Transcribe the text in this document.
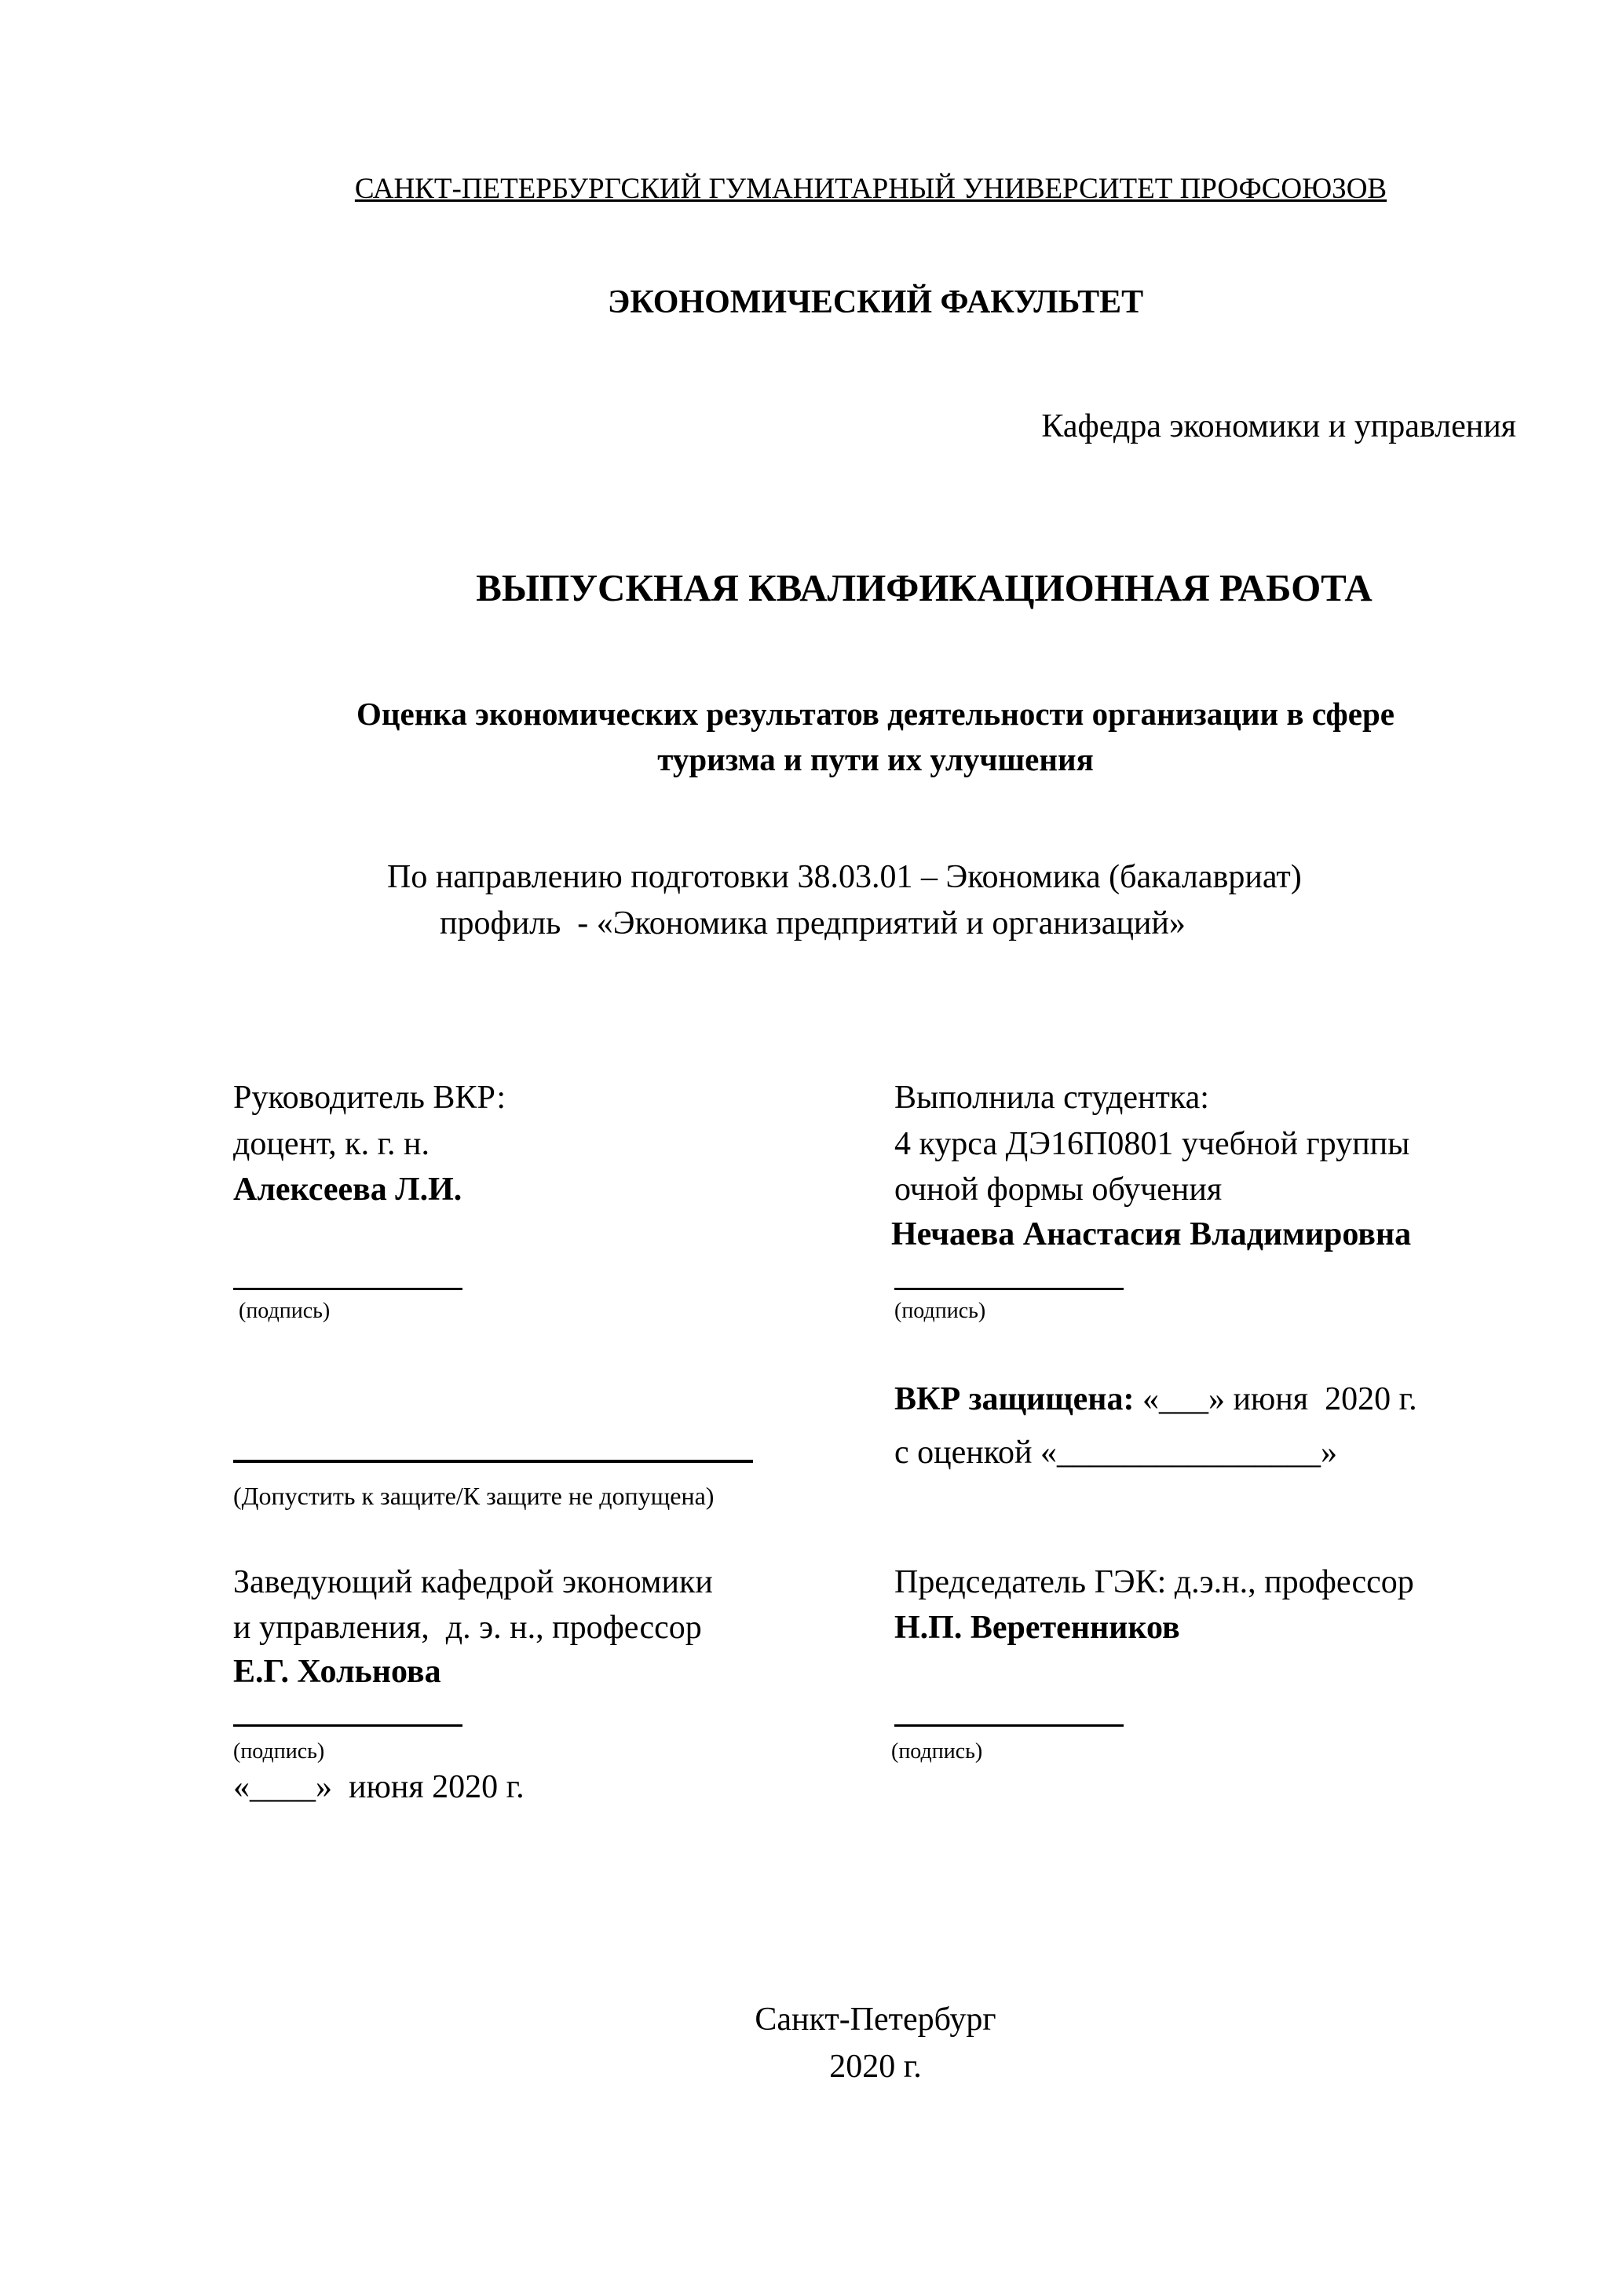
САНКТ-ПЕТЕРБУРГСКИЙ ГУМАНИТАРНЫЙ УНИВЕРСИТЕТ ПРОФСОЮЗОВ
ЭКОНОМИЧЕСКИЙ ФАКУЛЬТЕТ
Кафедра экономики и управления
ВЫПУСКНАЯ КВАЛИФИКАЦИОННАЯ РАБОТА
Оценка экономических результатов деятельности организации в сфере
туризма и пути их улучшения
По направлению подготовки 38.03.01 – Экономика (бакалавриат)
профиль  - «Экономика предприятий и организаций»
Руководитель ВКР:
доцент, к. г. н.
Алексеева Л.И.
(подпись)
Выполнила студентка:
4 курса ДЭ16П0801 учебной группы
очной формы обучения
Нечаева Анастасия Владимировна
(подпись)
ВКР защищена: «___» июня  2020 г.
с оценкой «________________»
(Допустить к защите/К защите не допущена)
Заведующий кафедрой экономики
и управления,  д. э. н., профессор
Е.Г. Хольнова
(подпись)
«____»  июня 2020 г.
Председатель ГЭК: д.э.н., профессор
Н.П. Веретенников
(подпись)
Санкт-Петербург
2020 г.
